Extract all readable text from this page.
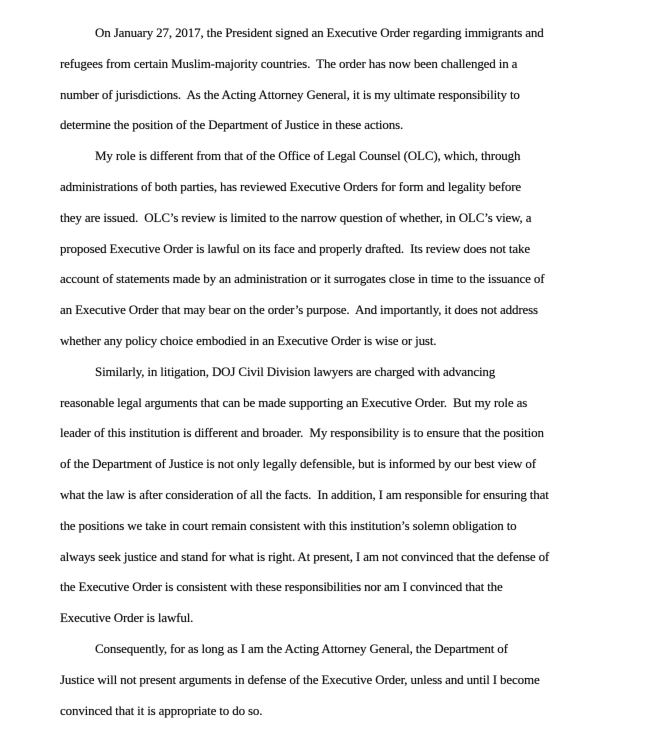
On January 27, 2017, the President signed an Executive Order regarding immigrants and
refugees from certain Muslim-majority countries.  The order has now been challenged in a
number of jurisdictions.  As the Acting Attorney General, it is my ultimate responsibility to
determine the position of the Department of Justice in these actions.
My role is different from that of the Office of Legal Counsel (OLC), which, through
administrations of both parties, has reviewed Executive Orders for form and legality before
they are issued.  OLC’s review is limited to the narrow question of whether, in OLC’s view, a
proposed Executive Order is lawful on its face and properly drafted.  Its review does not take
account of statements made by an administration or it surrogates close in time to the issuance of
an Executive Order that may bear on the order’s purpose.  And importantly, it does not address
whether any policy choice embodied in an Executive Order is wise or just.
Similarly, in litigation, DOJ Civil Division lawyers are charged with advancing
reasonable legal arguments that can be made supporting an Executive Order.  But my role as
leader of this institution is different and broader.  My responsibility is to ensure that the position
of the Department of Justice is not only legally defensible, but is informed by our best view of
what the law is after consideration of all the facts.  In addition, I am responsible for ensuring that
the positions we take in court remain consistent with this institution’s solemn obligation to
always seek justice and stand for what is right. At present, I am not convinced that the defense of
the Executive Order is consistent with these responsibilities nor am I convinced that the
Executive Order is lawful.
Consequently, for as long as I am the Acting Attorney General, the Department of
Justice will not present arguments in defense of the Executive Order, unless and until I become
convinced that it is appropriate to do so.
